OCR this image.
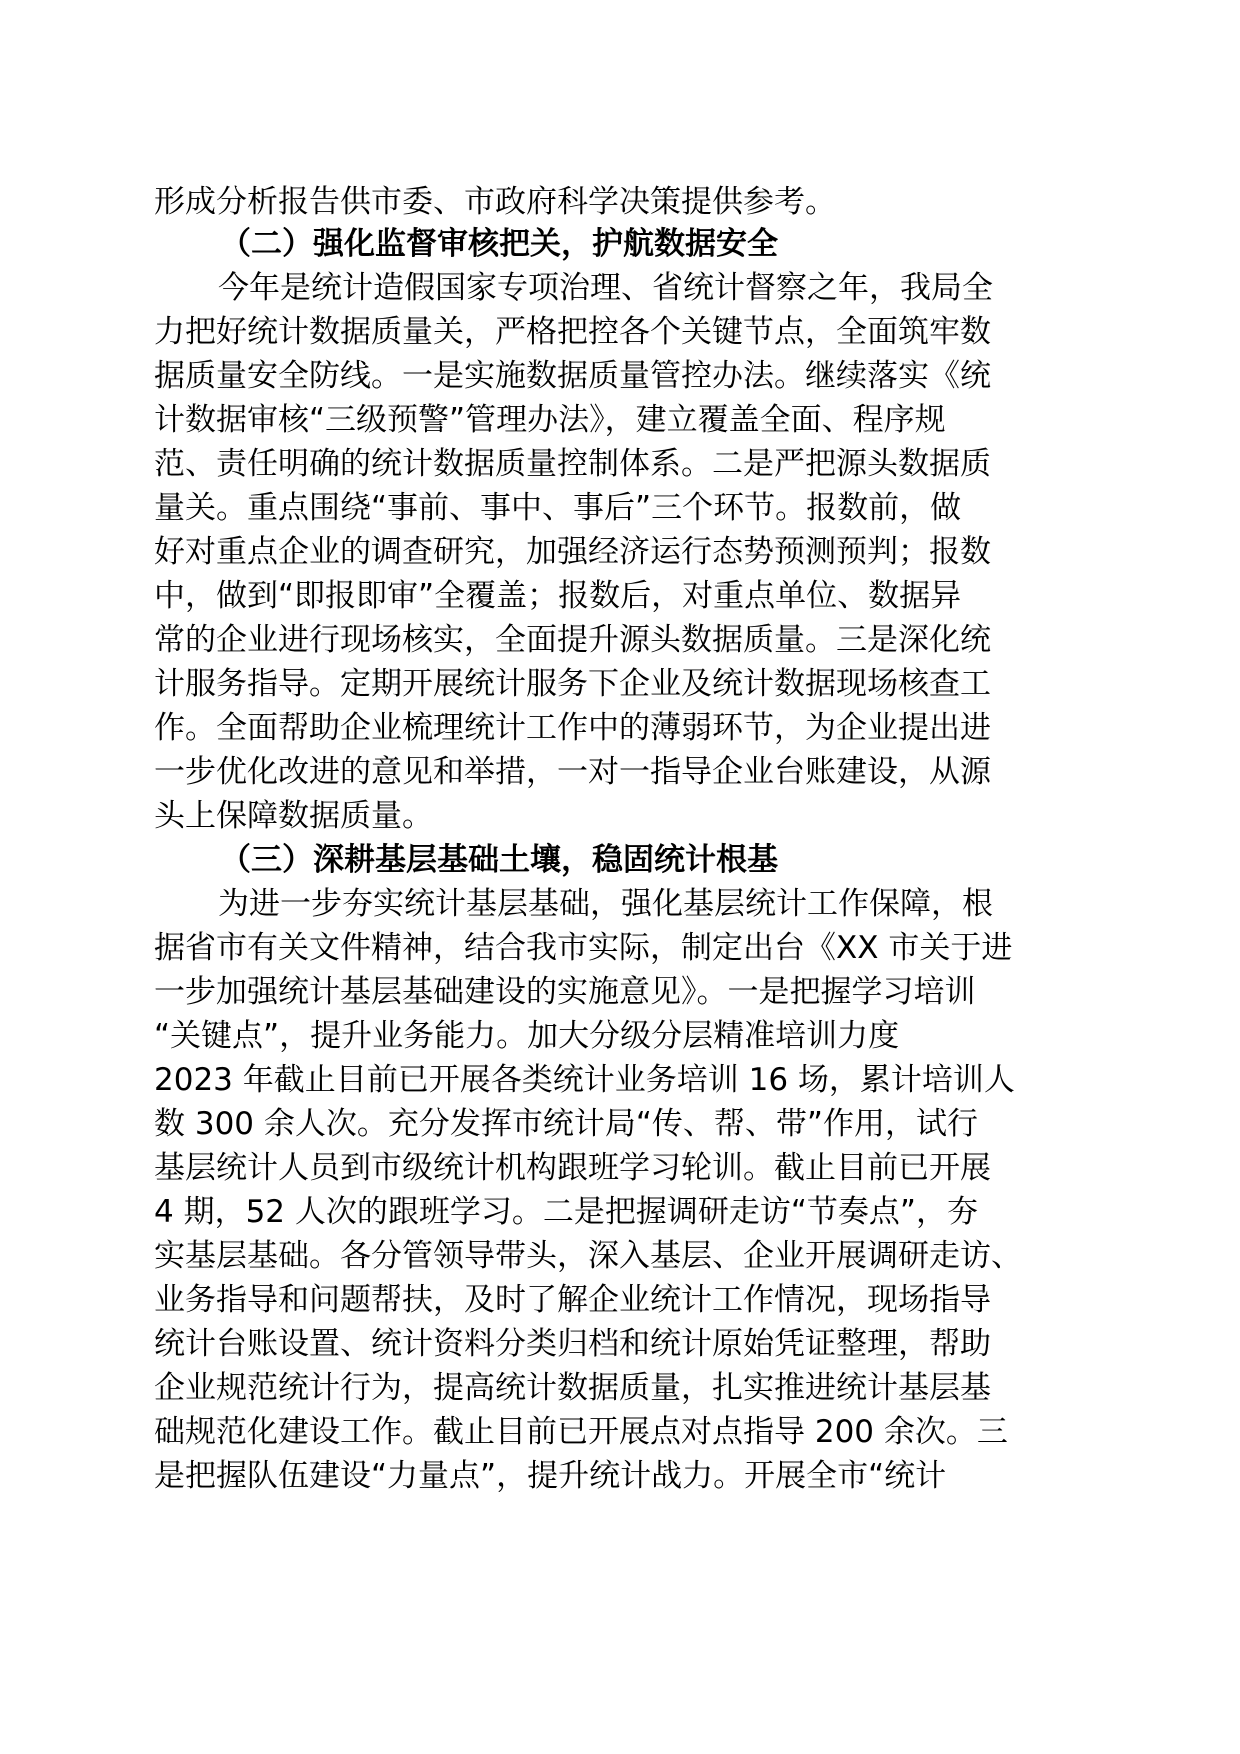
形成分析报告供市委、市政府科学决策提供参考。
（二）强化监督审核把关，护航数据安全
今年是统计造假国家专项治理、省统计督察之年，我局全
力把好统计数据质量关，严格把控各个关键节点，全面筑牢数
据质量安全防线。一是实施数据质量管控办法。继续落实《统
计数据审核“三级预警”管理办法》，建立覆盖全面、程序规
范、责任明确的统计数据质量控制体系。二是严把源头数据质
量关。重点围绕“事前、事中、事后”三个环节。报数前，做
好对重点企业的调查研究，加强经济运行态势预测预判；报数
中，做到“即报即审”全覆盖；报数后，对重点单位、数据异
常的企业进行现场核实，全面提升源头数据质量。三是深化统
计服务指导。定期开展统计服务下企业及统计数据现场核查工
作。全面帮助企业梳理统计工作中的薄弱环节，为企业提出进
一步优化改进的意见和举措，一对一指导企业台账建设，从源
头上保障数据质量。
（三）深耕基层基础土壤，稳固统计根基
为进一步夯实统计基层基础，强化基层统计工作保障，根
据省市有关文件精神，结合我市实际，制定出台《XX 市关于进
一步加强统计基层基础建设的实施意见》。一是把握学习培训
“关键点”，提升业务能力。加大分级分层精准培训力度
2023 年截止目前已开展各类统计业务培训 16 场，累计培训人
数 300 余人次。充分发挥市统计局“传、帮、带”作用，试行
基层统计人员到市级统计机构跟班学习轮训。截止目前已开展
4 期，52 人次的跟班学习。二是把握调研走访“节奏点”，夯
实基层基础。各分管领导带头，深入基层、企业开展调研走访、
业务指导和问题帮扶，及时了解企业统计工作情况，现场指导
统计台账设置、统计资料分类归档和统计原始凭证整理，帮助
企业规范统计行为，提高统计数据质量，扎实推进统计基层基
础规范化建设工作。截止目前已开展点对点指导 200 余次。三
是把握队伍建设“力量点”，提升统计战力。开展全市“统计
